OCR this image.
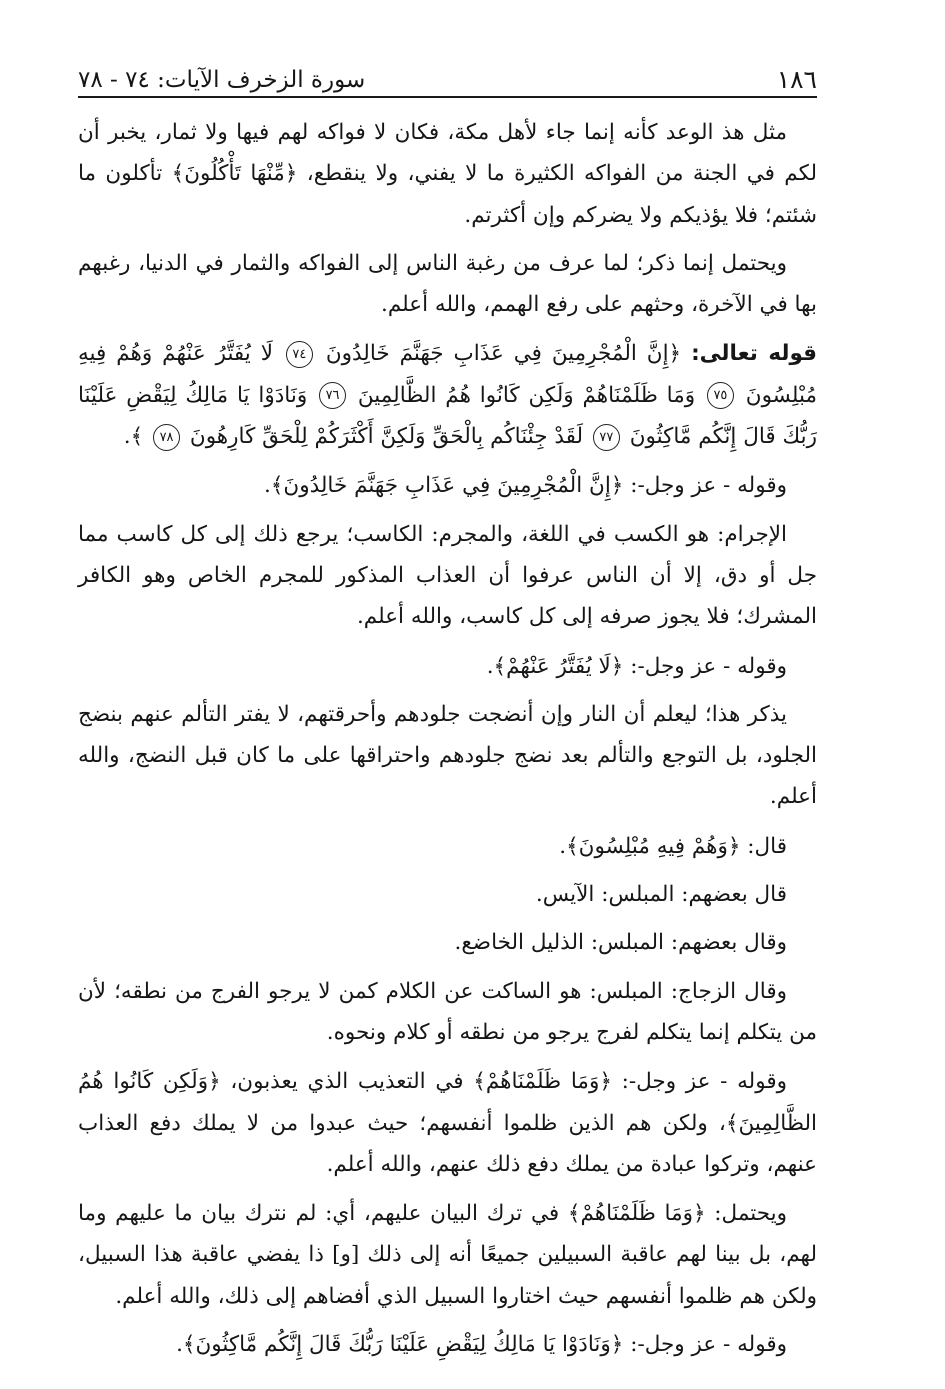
١٨٦
سورة الزخرف الآيات: ٧٤ - ٧٨

مثل هذ الوعد كأنه إنما جاء لأهل مكة، فكان لا فواكه لهم فيها ولا ثمار، يخبر أن لكم في الجنة من الفواكه الكثيرة ما لا يفني، ولا ينقطع، ﴿مِّنْهَا تَأْكُلُونَ﴾ تأكلون ما شئتم؛ فلا يؤذيكم ولا يضركم وإن أكثرتم.

ويحتمل إنما ذكر؛ لما عرف من رغبة الناس إلى الفواكه والثمار في الدنيا، رغبهم بها في الآخرة، وحثهم على رفع الهمم، والله أعلم.

قوله تعالى: ﴿إِنَّ الْمُجْرِمِينَ فِي عَذَابِ جَهَنَّمَ خَالِدُونَ ٧٤ لَا يُفَتَّرُ عَنْهُمْ وَهُمْ فِيهِ مُبْلِسُونَ ٧٥ وَمَا ظَلَمْنَاهُمْ وَلَكِن كَانُوا هُمُ الظَّالِمِينَ ٧٦ وَنَادَوْا يَا مَالِكُ لِيَقْضِ عَلَيْنَا رَبُّكَ قَالَ إِنَّكُم مَّاكِثُونَ ٧٧ لَقَدْ جِئْنَاكُم بِالْحَقِّ وَلَكِنَّ أَكْثَرَكُمْ لِلْحَقِّ كَارِهُونَ ٧٨ ﴾.

وقوله - عز وجل-: ﴿إِنَّ الْمُجْرِمِينَ فِي عَذَابِ جَهَنَّمَ خَالِدُونَ﴾.

الإجرام: هو الكسب في اللغة، والمجرم: الكاسب؛ يرجع ذلك إلى كل كاسب مما جل أو دق، إلا أن الناس عرفوا أن العذاب المذكور للمجرم الخاص وهو الكافر المشرك؛ فلا يجوز صرفه إلى كل كاسب، والله أعلم.

وقوله - عز وجل-: ﴿لَا يُفَتَّرُ عَنْهُمْ﴾.

يذكر هذا؛ ليعلم أن النار وإن أنضجت جلودهم وأحرقتهم، لا يفتر التألم عنهم بنضج الجلود، بل التوجع والتألم بعد نضج جلودهم واحتراقها على ما كان قبل النضج، والله أعلم.

قال: ﴿وَهُمْ فِيهِ مُبْلِسُونَ﴾.

قال بعضهم: المبلس: الآيس.

وقال بعضهم: المبلس: الذليل الخاضع.

وقال الزجاج: المبلس: هو الساكت عن الكلام كمن لا يرجو الفرج من نطقه؛ لأن من يتكلم إنما يتكلم لفرج يرجو من نطقه أو كلام ونحوه.

وقوله - عز وجل-: ﴿وَمَا ظَلَمْنَاهُمْ﴾ في التعذيب الذي يعذبون، ﴿وَلَكِن كَانُوا هُمُ الظَّالِمِينَ﴾، ولكن هم الذين ظلموا أنفسهم؛ حيث عبدوا من لا يملك دفع العذاب عنهم، وتركوا عبادة من يملك دفع ذلك عنهم، والله أعلم.

ويحتمل: ﴿وَمَا ظَلَمْنَاهُمْ﴾ في ترك البيان عليهم، أي: لم نترك بيان ما عليهم وما لهم، بل بينا لهم عاقبة السبيلين جميعًا أنه إلى ذلك [و] ذا يفضي عاقبة هذا السبيل، ولكن هم ظلموا أنفسهم حيث اختاروا السبيل الذي أفضاهم إلى ذلك، والله أعلم.

وقوله - عز وجل-: ﴿وَنَادَوْا يَا مَالِكُ لِيَقْضِ عَلَيْنَا رَبُّكَ قَالَ إِنَّكُم مَّاكِثُونَ﴾.
